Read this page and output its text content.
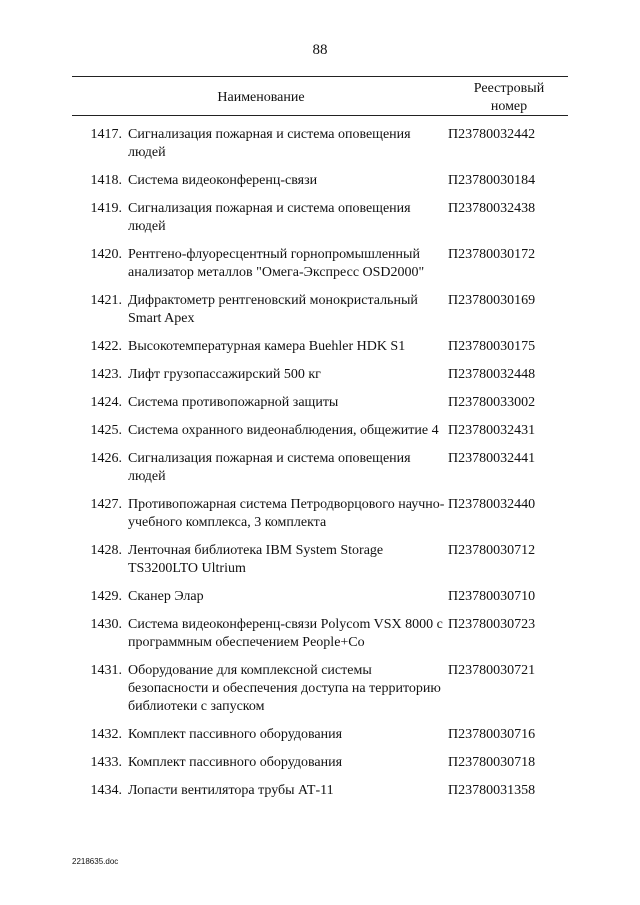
88
Наименование
Реестровый
номер
1417. Сигнализация пожарная и система оповещения людей
П23780032442
1418. Система видеоконференц-связи	П23780030184
1419. Сигнализация пожарная и система оповещения людей
П23780032438
1420. Рентгено-флуоресцентный горнопромышленный анализатор металлов "Омега-Экспресс OSD2000"
П23780030172
1421. Дифрактометр рентгеновский монокристальный Smart Apex
П23780030169
1422. Высокотемпературная камера Buehler HDK S1	П23780030175
1423. Лифт грузопассажирский 500 кг	П23780032448
1424. Система противопожарной защиты	П23780033002
1425. Система охранного видеонаблюдения, общежитие 4 П23780032431
1426. Сигнализация пожарная и система оповещения людей
П23780032441
1427. Противопожарная система Петродворцового научно-учебного комплекса, 3 комплекта
П23780032440
1428. Ленточная библиотека IBM System Storage TS3200LTO Ultrium
П23780030712
1429. Сканер Элар	П23780030710
1430. Система видеоконференц-связи Polycom VSX 8000 с программным обеспечением People+Co
П23780030723
1431. Оборудование для комплексной системы безопасности и обеспечения доступа на территорию библиотеки с запуском
П23780030721
1432. Комплект пассивного оборудования	П23780030716
1433. Комплект пассивного оборудования	П23780030718
1434. Лопасти вентилятора трубы АТ-11	П23780031358
2218635.doc
